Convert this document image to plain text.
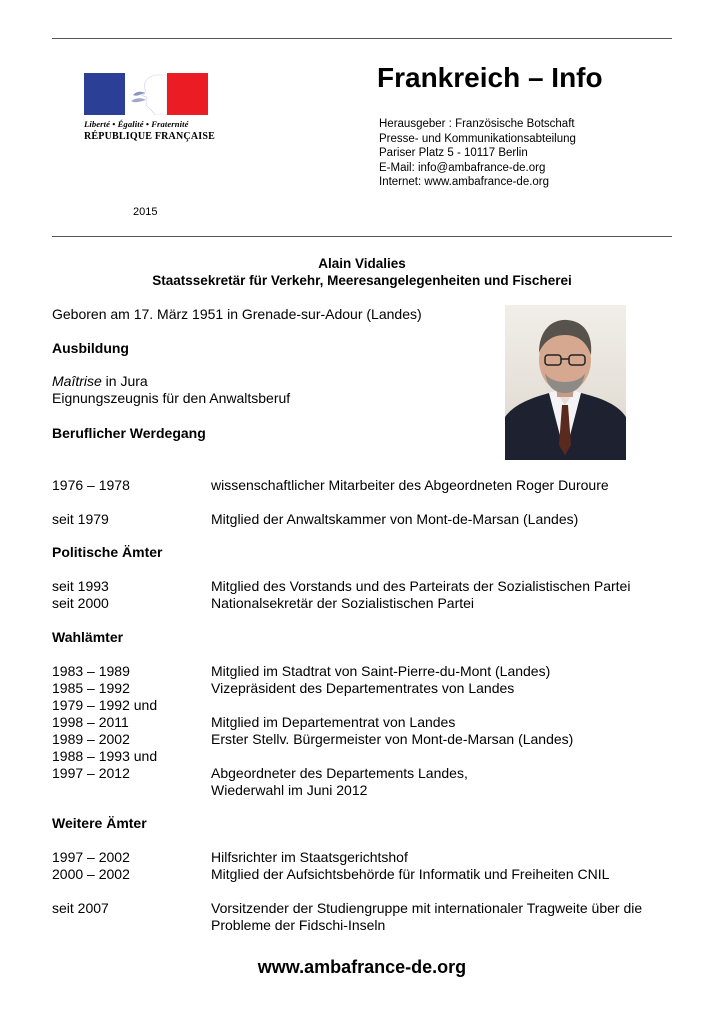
Liberté • Égalité • Fraternité
RÉPUBLIQUE FRANÇAISE
2015
Frankreich – Info
Herausgeber : Französische Botschaft
Presse- und Kommunikationsabteilung
Pariser Platz 5 - 10117 Berlin
E-Mail: info@ambafrance-de.org
Internet: www.ambafrance-de.org
Alain Vidalies
Staatssekretär für Verkehr, Meeresangelegenheiten und Fischerei
Geboren am 17. März 1951 in Grenade-sur-Adour (Landes)
Ausbildung
Maîtrise in Jura
Eignungszeugnis für den Anwaltsberuf
Beruflicher Werdegang
1976 – 1978	wissenschaftlicher Mitarbeiter des Abgeordneten Roger Duroure
seit 1979	Mitglied der Anwaltskammer von Mont-de-Marsan (Landes)
Politische Ämter
seit 1993	Mitglied des Vorstands und des Parteirats der Sozialistischen Partei
seit 2000	Nationalsekretär der Sozialistischen Partei
Wahlämter
1983 – 1989	Mitglied im Stadtrat von Saint-Pierre-du-Mont (Landes)
1985 – 1992	Vizepräsident des Departementrates von Landes
1979 – 1992 und
1998 – 2011	Mitglied im Departementrat von Landes
1989 – 2002	Erster Stellv. Bürgermeister von Mont-de-Marsan (Landes)
1988 – 1993 und
1997 – 2012	Abgeordneter des Departements Landes,
Wiederwahl im Juni 2012
Weitere Ämter
1997 – 2002	Hilfsrichter im Staatsgerichtshof
2000 – 2002	Mitglied der Aufsichtsbehörde für Informatik und Freiheiten CNIL
seit 2007	Vorsitzender der Studiengruppe mit internationaler Tragweite über die
Probleme der Fidschi-Inseln
www.ambafrance-de.org
